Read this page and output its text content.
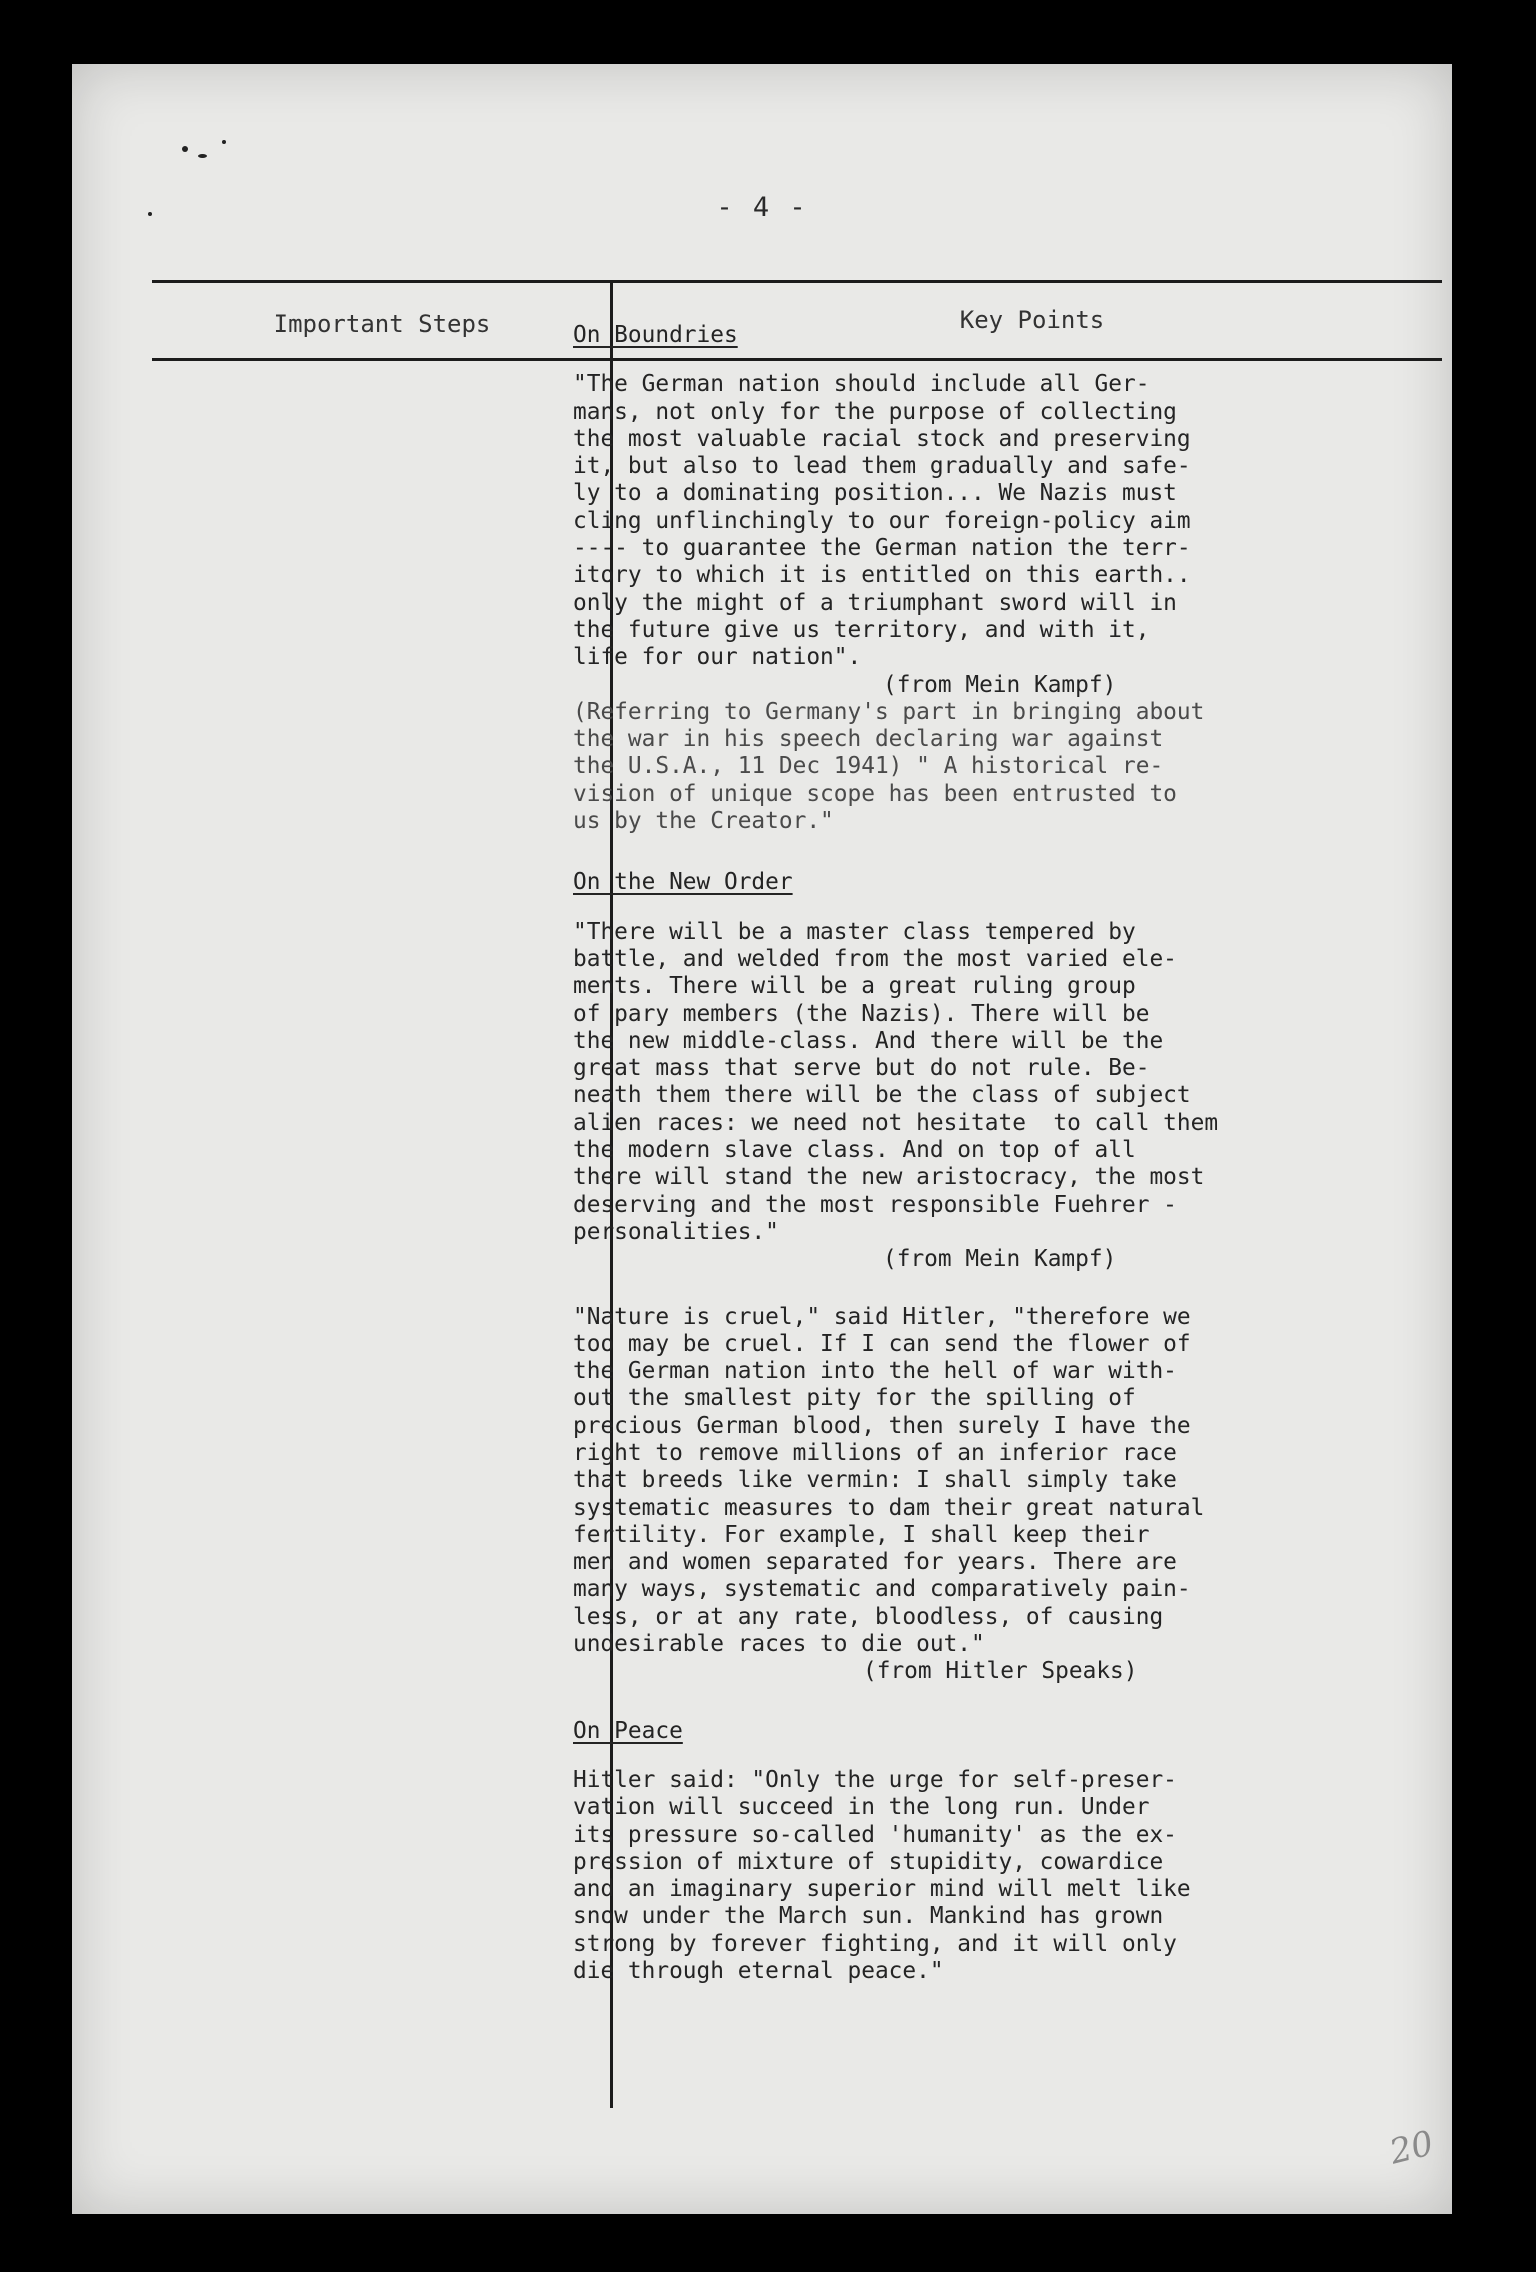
- 4 -
Important Steps	Key Points
20
On Boundries
"The German nation should include all Ger-
mans, not only for the purpose of collecting
the most valuable racial stock and preserving
it, but also to lead them gradually and safe-
ly to a dominating position... We Nazis must
cling unflinchingly to our foreign-policy aim
---- to guarantee the German nation the terr-
itory to which it is entitled on this earth..
only the might of a triumphant sword will in
the future give us territory, and with it,
life for our nation".
(from Mein Kampf)
(Referring to Germany's part in bringing about
the war in his speech declaring war against
the U.S.A., 11 Dec 1941) " A historical re-
vision of unique scope has been entrusted to
us by the Creator."
On the New Order
"There will be a master class tempered by
battle, and welded from the most varied ele-
ments. There will be a great ruling group
of pary members (the Nazis). There will be
the new middle-class. And there will be the
great mass that serve but do not rule. Be-
neath them there will be the class of subject
alien races: we need not hesitate  to call them
the modern slave class. And on top of all
there will stand the new aristocracy, the most
deserving and the most responsible Fuehrer -
personalities."
(from Mein Kampf)
"Nature is cruel," said Hitler, "therefore we
too may be cruel. If I can send the flower of
the German nation into the hell of war with-
out the smallest pity for the spilling of
precious German blood, then surely I have the
right to remove millions of an inferior race
that breeds like vermin: I shall simply take
systematic measures to dam their great natural
fertility. For example, I shall keep their
men and women separated for years. There are
many ways, systematic and comparatively pain-
less, or at any rate, bloodless, of causing
undesirable races to die out."
(from Hitler Speaks)
On Peace
Hitler said: "Only the urge for self-preser-
vation will succeed in the long run. Under
its pressure so-called 'humanity' as the ex-
pression of mixture of stupidity, cowardice
and an imaginary superior mind will melt like
snow under the March sun. Mankind has grown
strong by forever fighting, and it will only
die through eternal peace."
